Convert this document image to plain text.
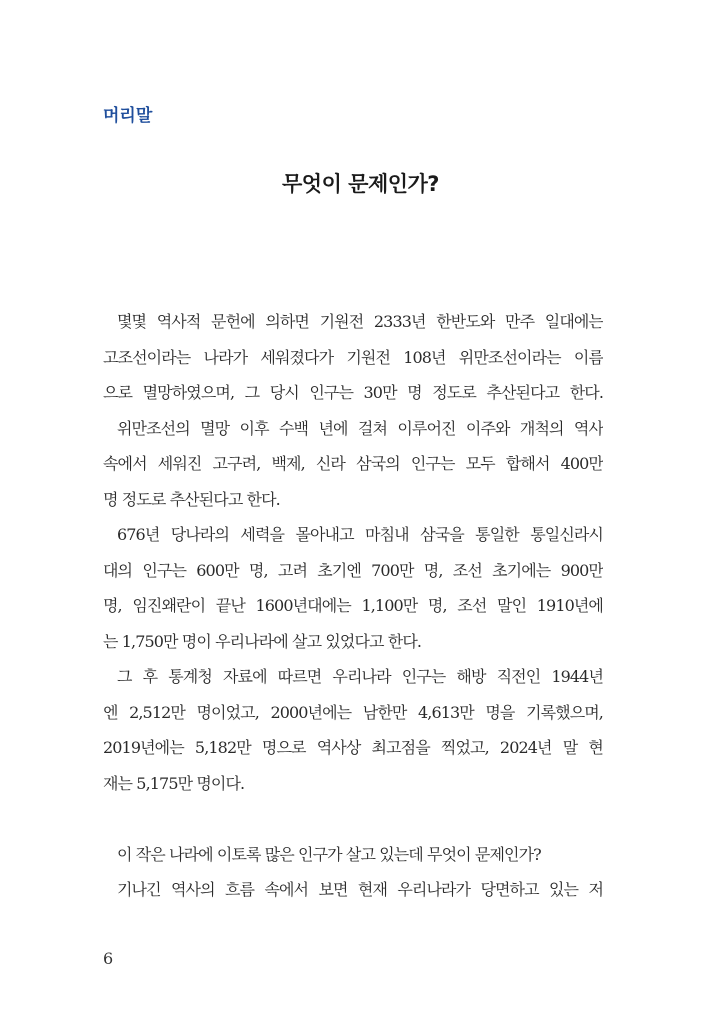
머리말
무엇이 문제인가?
몇몇 역사적 문헌에 의하면 기원전 2333년 한반도와 만주 일대에는
고조선이라는 나라가 세워졌다가 기원전 108년 위만조선이라는 이름
으로 멸망하였으며, 그 당시 인구는 30만 명 정도로 추산된다고 한다.
위만조선의 멸망 이후 수백 년에 걸쳐 이루어진 이주와 개척의 역사
속에서 세워진 고구려, 백제, 신라 삼국의 인구는 모두 합해서 400만
명 정도로 추산된다고 한다.
676년 당나라의 세력을 몰아내고 마침내 삼국을 통일한 통일신라시
대의 인구는 600만 명, 고려 초기엔 700만 명, 조선 초기에는 900만
명, 임진왜란이 끝난 1600년대에는 1,100만 명, 조선 말인 1910년에
는 1,750만 명이 우리나라에 살고 있었다고 한다.
그 후 통계청 자료에 따르면 우리나라 인구는 해방 직전인 1944년
엔 2,512만 명이었고, 2000년에는 남한만 4,613만 명을 기록했으며,
2019년에는 5,182만 명으로 역사상 최고점을 찍었고, 2024년 말 현
재는 5,175만 명이다.
이 작은 나라에 이토록 많은 인구가 살고 있는데 무엇이 문제인가?
기나긴 역사의 흐름 속에서 보면 현재 우리나라가 당면하고 있는 저
6
